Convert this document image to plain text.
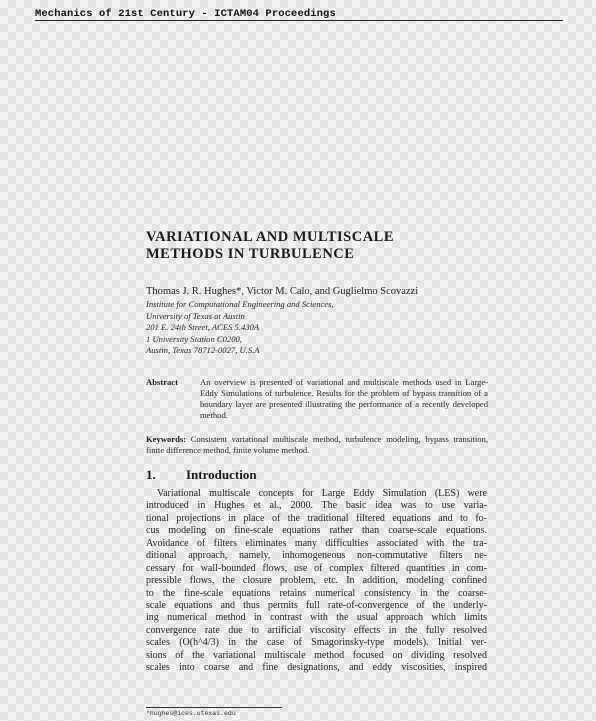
Mechanics of 21st Century - ICTAM04 Proceedings
VARIATIONAL AND MULTISCALE
METHODS IN TURBULENCE
Thomas J. R. Hughes*, Victor M. Calo, and Guglielmo Scovazzi
Institute for Computational Engineering and Sciences,
University of Texas at Austin
201 E. 24th Street, ACES 5.430A
1 University Station C0200,
Austin, Texas 78712-0027, U.S.A
Abstract	An overview is presented of variational and multiscale methods used in Large-Eddy Simulations of turbulence. Results for the problem of bypass transition of a boundary layer are presented illustrating the performance of a recently developed method.
Keywords: Consistent variational multiscale method, turbulence modeling, bypass transition, finite difference method, finite volume method.
1. Introduction
Variational multiscale concepts for Large Eddy Simulation (LES) were
introduced in Hughes et al., 2000. The basic idea was to use varia-
tional projections in place of the traditional filtered equations and to fo-
cus modeling on fine-scale equations rather than coarse-scale equations.
Avoidance of filters eliminates many difficulties associated with the tra-
ditional approach, namely, inhomogeneous non-commutative filters ne-
cessary for wall-bounded flows, use of complex filtered quantities in com-
pressible flows, the closure problem, etc. In addition, modeling confined
to the fine-scale equations retains numerical consistency in the coarse-
scale equations and thus permits full rate-of-convergence of the underly-
ing numerical method in contrast with the usual approach which limits
convergence rate due to artificial viscosity effects in the fully resolved
scales (O(h^4/3) in the case of Smagorinsky-type models). Initial ver-
sions of the variational multiscale method focused on dividing resolved
scales into coarse and fine designations, and eddy viscosities, inspired
*hughes@ices.utexas.edu
